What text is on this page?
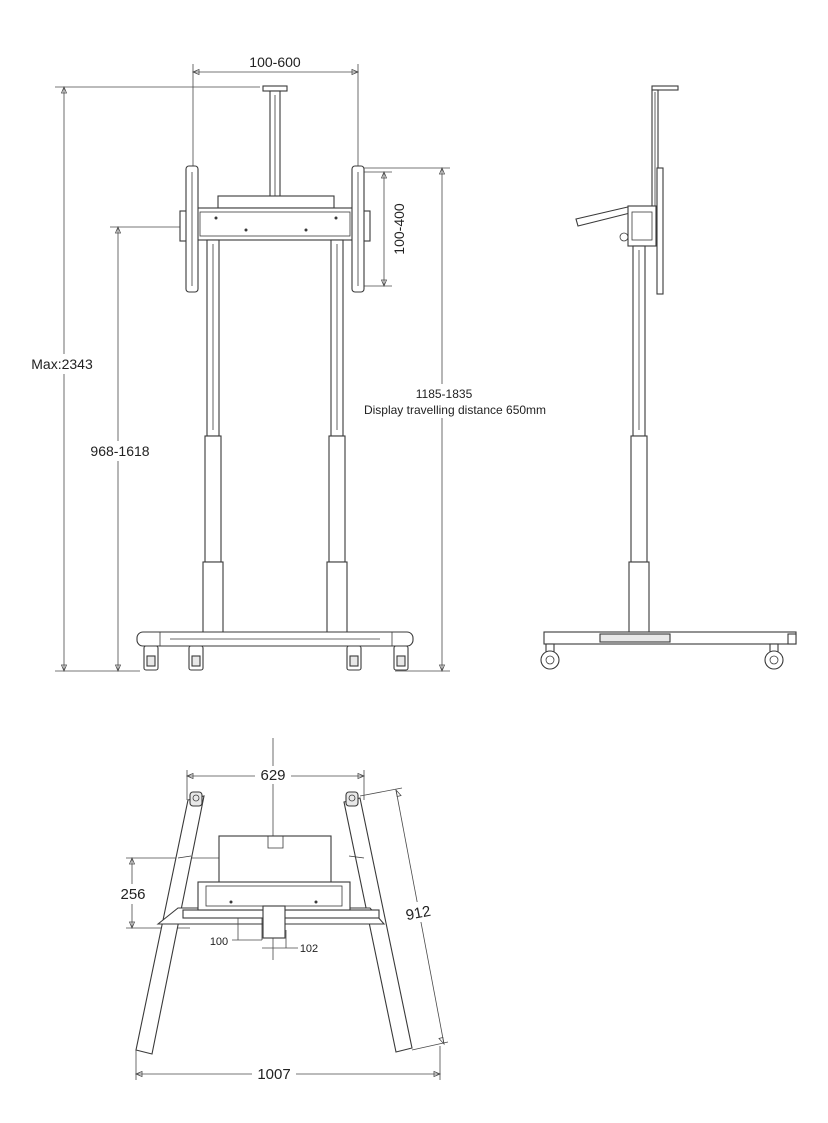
100-600
Max:2343
968-1618
100-400
1185-1835
Display travelling distance 650mm
629
256
100
102
912
1007
